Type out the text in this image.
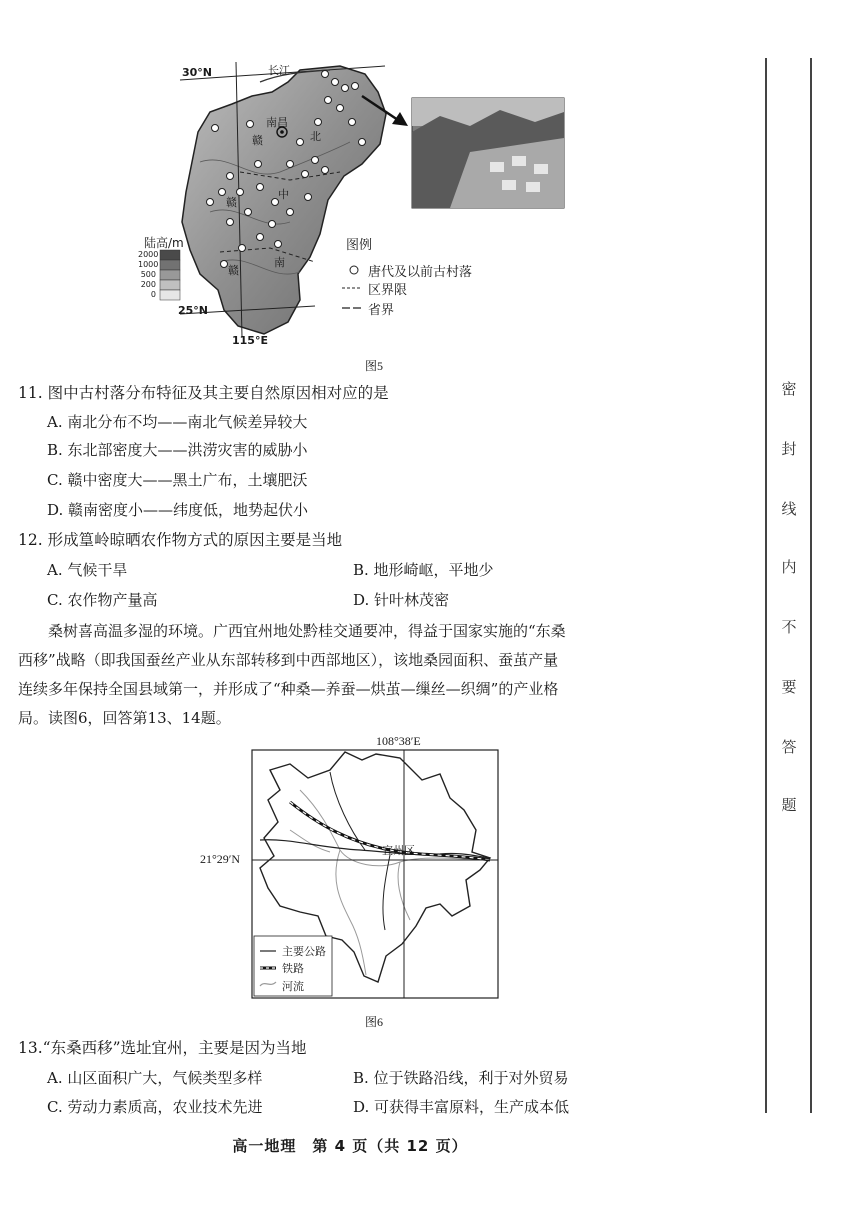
30°N
25°N
115°E
长江
南昌
赣	北
赣
中
赣
南
陆高/m
2000
1000
500
200
0
图例
唐代及以前古村落
区界限
省界
图5
11. 图中古村落分布特征及其主要自然原因相对应的是
A. 南北分布不均——南北气候差异较大
B. 东北部密度大——洪涝灾害的威胁小
C. 赣中密度大——黑土广布，土壤肥沃
D. 赣南密度小——纬度低，地势起伏小
12. 形成篁岭晾晒农作物方式的原因主要是当地
A. 气候干旱	B. 地形崎岖，平地少
C. 农作物产量高	D. 针叶林茂密
桑树喜高温多湿的环境。广西宜州地处黔桂交通要冲，得益于国家实施的“东桑
西移”战略（即我国蚕丝产业从东部转移到中西部地区），该地桑园面积、蚕茧产量
连续多年保持全国县域第一，并形成了“种桑—养蚕—烘茧—缫丝—织绸”的产业格
局。读图6，回答第13、14题。
108°38′E
21°29′N
宜州区
主要公路
铁路
河流
图6
13.“东桑西移”选址宜州，主要是因为当地
A. 山区面积广大，气候类型多样	B. 位于铁路沿线，利于对外贸易
C. 劳动力素质高，农业技术先进	D. 可获得丰富原料，生产成本低
高一地理　第 4 页（共 12 页）
密
封
线
内
不
要
答
题
